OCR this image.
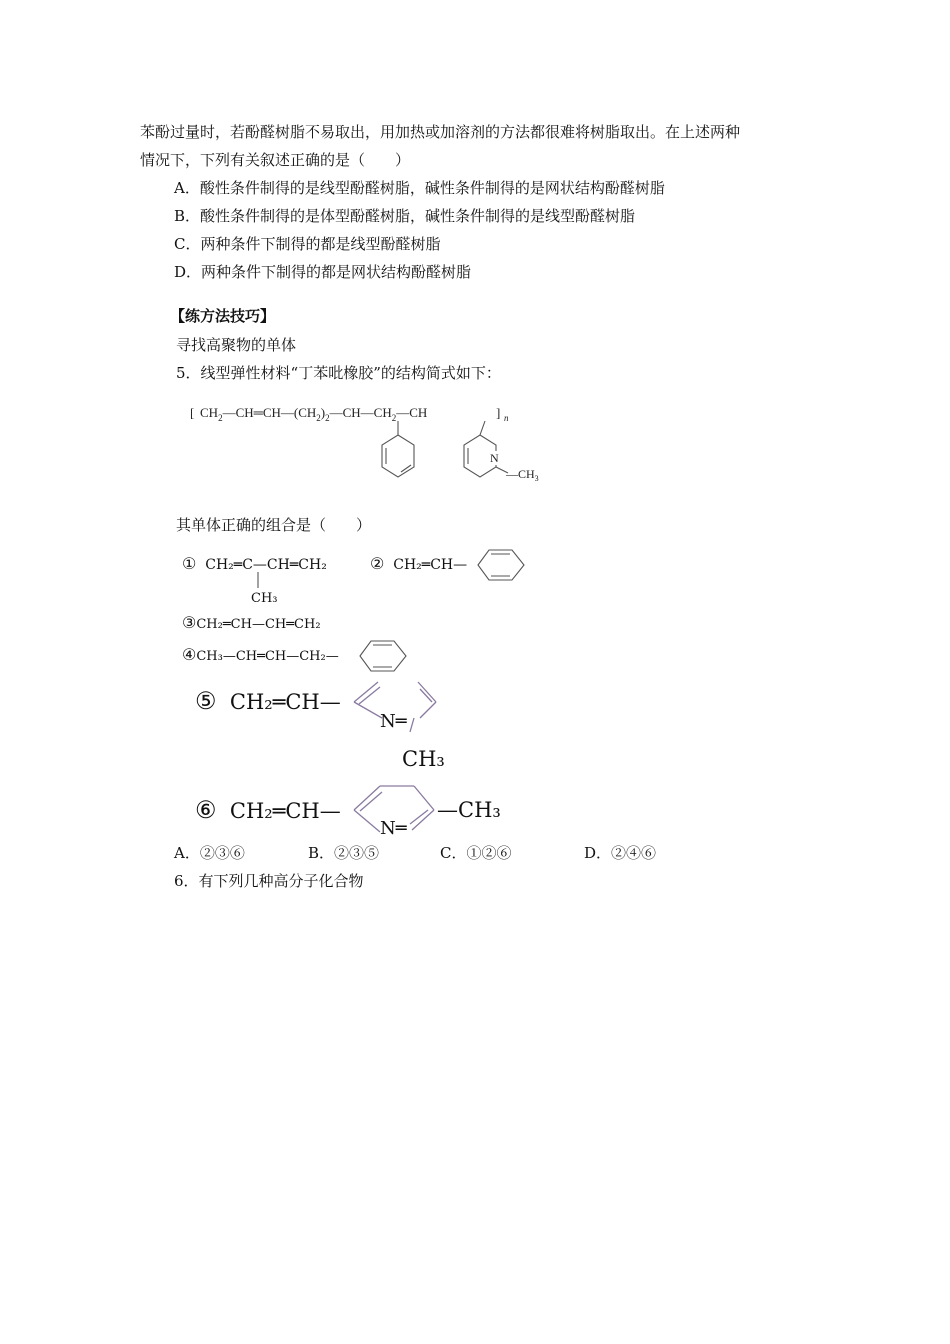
苯酚过量时，若酚醛树脂不易取出，用加热或加溶剂的方法都很难将树脂取出。在上述两种
情况下，下列有关叙述正确的是（　　）
A．酸性条件制得的是线型酚醛树脂，碱性条件制得的是网状结构酚醛树脂
B．酸性条件制得的是体型酚醛树脂，碱性条件制得的是线型酚醛树脂
C．两种条件下制得的都是线型酚醛树脂
D．两种条件下制得的都是网状结构酚醛树脂
【练方法技巧】
寻找高聚物的单体
5．线型弹性材料“丁苯吡橡胶”的结构简式如下：
[ $CH_2—CH═CH—(CH_2)_2—CH—CH_2—CH$	] n
N
$—CH_3$
其单体正确的组合是（　　）
① CH₂═C—CH═CH₂
CH₃
② CH₂═CH—
③CH₂═CH—CH═CH₂
④CH₃—CH═CH—CH₂—
⑤ CH₂═CH—
N═
CH₃
⑥ CH₂═CH—
N═
—CH₃
A．②③⑥	B．②③⑤	C．①②⑥	D．②④⑥
6．有下列几种高分子化合物
